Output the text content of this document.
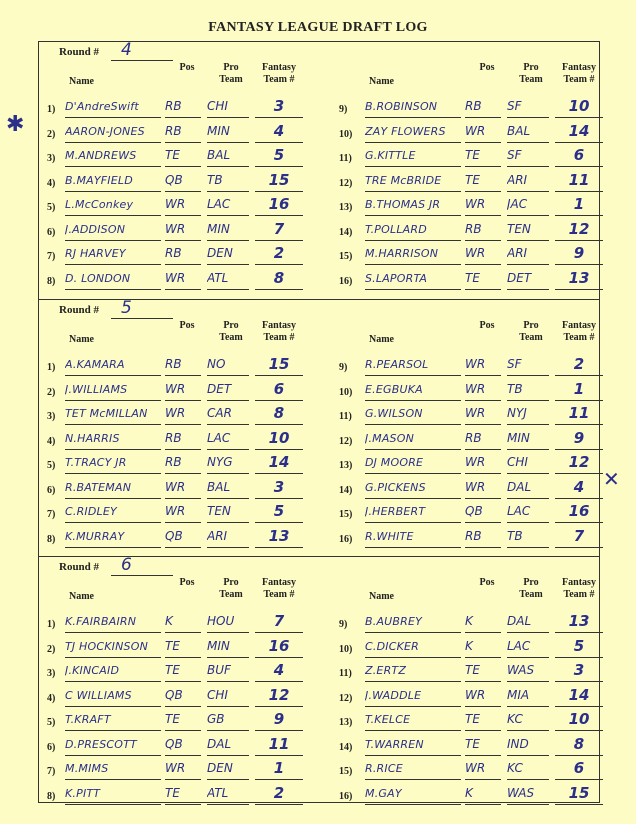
FANTASY LEAGUE DRAFT LOG
Round #	4
Name
Pos	Pro Team
Fantasy Team #	Name
Pos	Pro Team
Fantasy Team #
1) D'AndreSwift	RB	CHI	3
2) AARON-JONES	RB	MIN	4
3) M.ANDREWS	TE	BAL	5
4) B.MAYFIELD	QB	TB	15
5) L.McConkey	WR	LAC	16
6) J.ADDISON	WR	MIN	7
7) RJ HARVEY	RB	DEN	2
8) D. LONDON	WR	ATL	8
9) B.ROBINSON	RB	SF	10
10) ZAY FLOWERS	WR	BAL	14
11) G.KITTLE	TE	SF	6
12) TRE McBRIDE	TE	ARI	11
13) B.THOMAS JR	WR	JAC	1
14) T.POLLARD	RB	TEN	12
15) M.HARRISON	WR	ARI	9
16) S.LAPORTA	TE	DET	13
Round #	5
Name
Pos	Pro Team
Fantasy Team #	Name
Pos	Pro Team
Fantasy Team #
1) A.KAMARA	RB	NO	15
2) J.WILLIAMS	WR	DET	6
3) TET McMILLAN	WR	CAR	8
4) N.HARRIS	RB	LAC	10
5) T.TRACY JR	RB	NYG	14
6) R.BATEMAN	WR	BAL	3
7) C.RIDLEY	WR	TEN	5
8) K.MURRAY	QB	ARI	13
9) R.PEARSOL	WR	SF	2
10) E.EGBUKA	WR	TB	1
11) G.WILSON	WR	NYJ	11
12) J.MASON	RB	MIN	9
13) DJ MOORE	WR	CHI	12
14) G.PICKENS	WR	DAL	4
15) J.HERBERT	QB	LAC	16
16) R.WHITE	RB	TB	7
Round #	6
Name
Pos	Pro Team
Fantasy Team #	Name
Pos	Pro Team
Fantasy Team #
1) K.FAIRBAIRN	K	HOU	7
2) TJ HOCKINSON	TE	MIN	16
3) J.KINCAID	TE	BUF	4
4) C WILLIAMS	QB	CHI	12
5) T.KRAFT	TE	GB	9
6) D.PRESCOTT	QB	DAL	11
7) M.MIMS	WR	DEN	1
8) K.PITT	TE	ATL	2
9) B.AUBREY	K	DAL	13
10) C.DICKER	K	LAC	5
11) Z.ERTZ	TE	WAS	3
12) J.WADDLE	WR	MIA	14
13) T.KELCE	TE	KC	10
14) T.WARREN	TE	IND	8
15) R.RICE	WR	KC	6
16) M.GAY	K	WAS	15
✱
✕
